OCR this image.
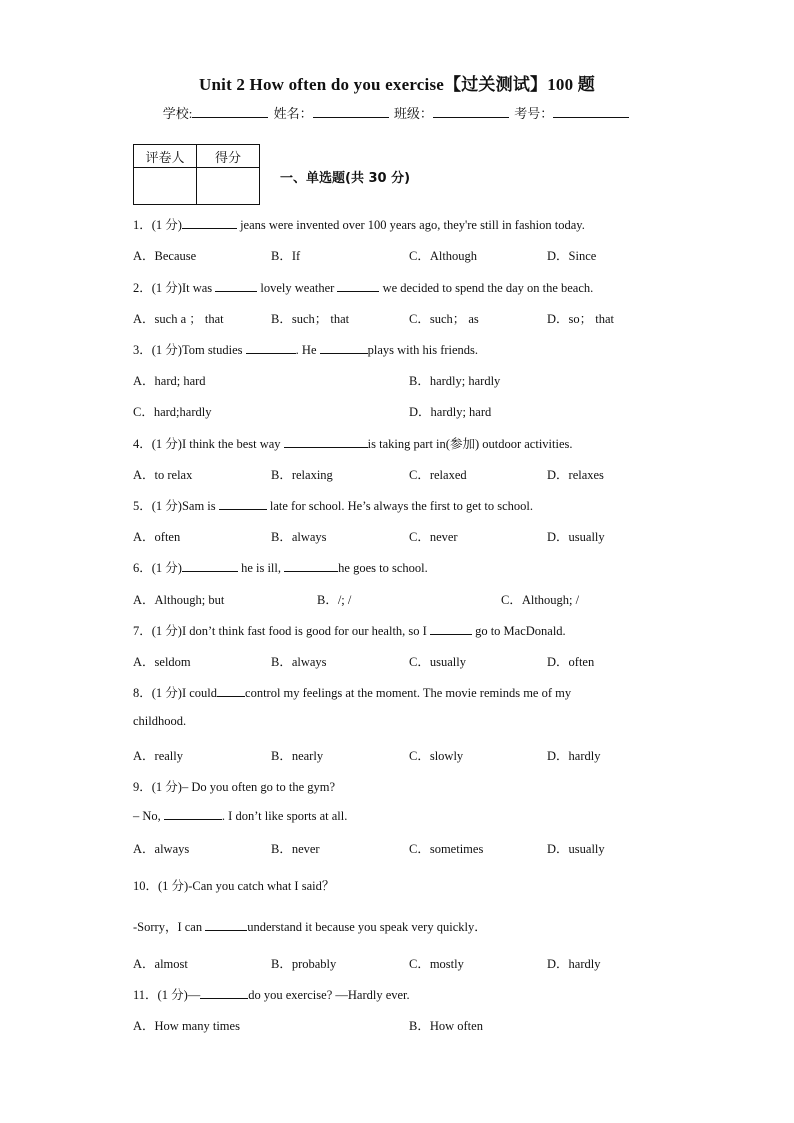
Unit 2 How often do you exercise【过关测试】100 题
学校:	姓名：	班级：	考号：
评卷人	得分

一、单选题(共 30 分)
1．(1 分)	jeans were invented over 100 years ago, they're still in fashion today.
A．Because	B．If	C．Although	D．Since
2．(1 分)It was	lovely weather	we decided to spend the day on the beach.
A．such a ； that	B．such； that	C．such； as	D．so； that
3．(1 分)Tom studies	. He	plays with his friends.
A．hard; hard	B．hardly; hardly
C．hard;hardly	D．hardly; hard
4．(1 分)I think the best way	is taking part in(参加) outdoor activities.
A．to relax	B．relaxing	C．relaxed	D．relaxes
5．(1 分)Sam is	late for school. He’s always the first to get to school.
A．often	B．always	C．never	D．usually
6．(1 分)	he is ill,	he goes to school.
A．Although; but	B．/; /	C．Although; /
7．(1 分)I don’t think fast food is good for our health, so I	go to MacDonald.
A．seldom	B．always	C．usually	D．often
8．(1 分)I could control my feelings at the moment. The movie reminds me of my
childhood.
A．really	B．nearly	C．slowly	D．hardly
9．(1 分)– Do you often go to the gym?
– No,	. I don’t like sports at all.
A．always	B．never	C．sometimes	D．usually
10．(1 分)-Can you catch what I said？
-Sorry，I can	understand it because you speak very quickly．
A．almost	B．probably	C．mostly	D．hardly
11．(1 分)—	do you exercise? —Hardly ever.
A．How many times	B．How often
